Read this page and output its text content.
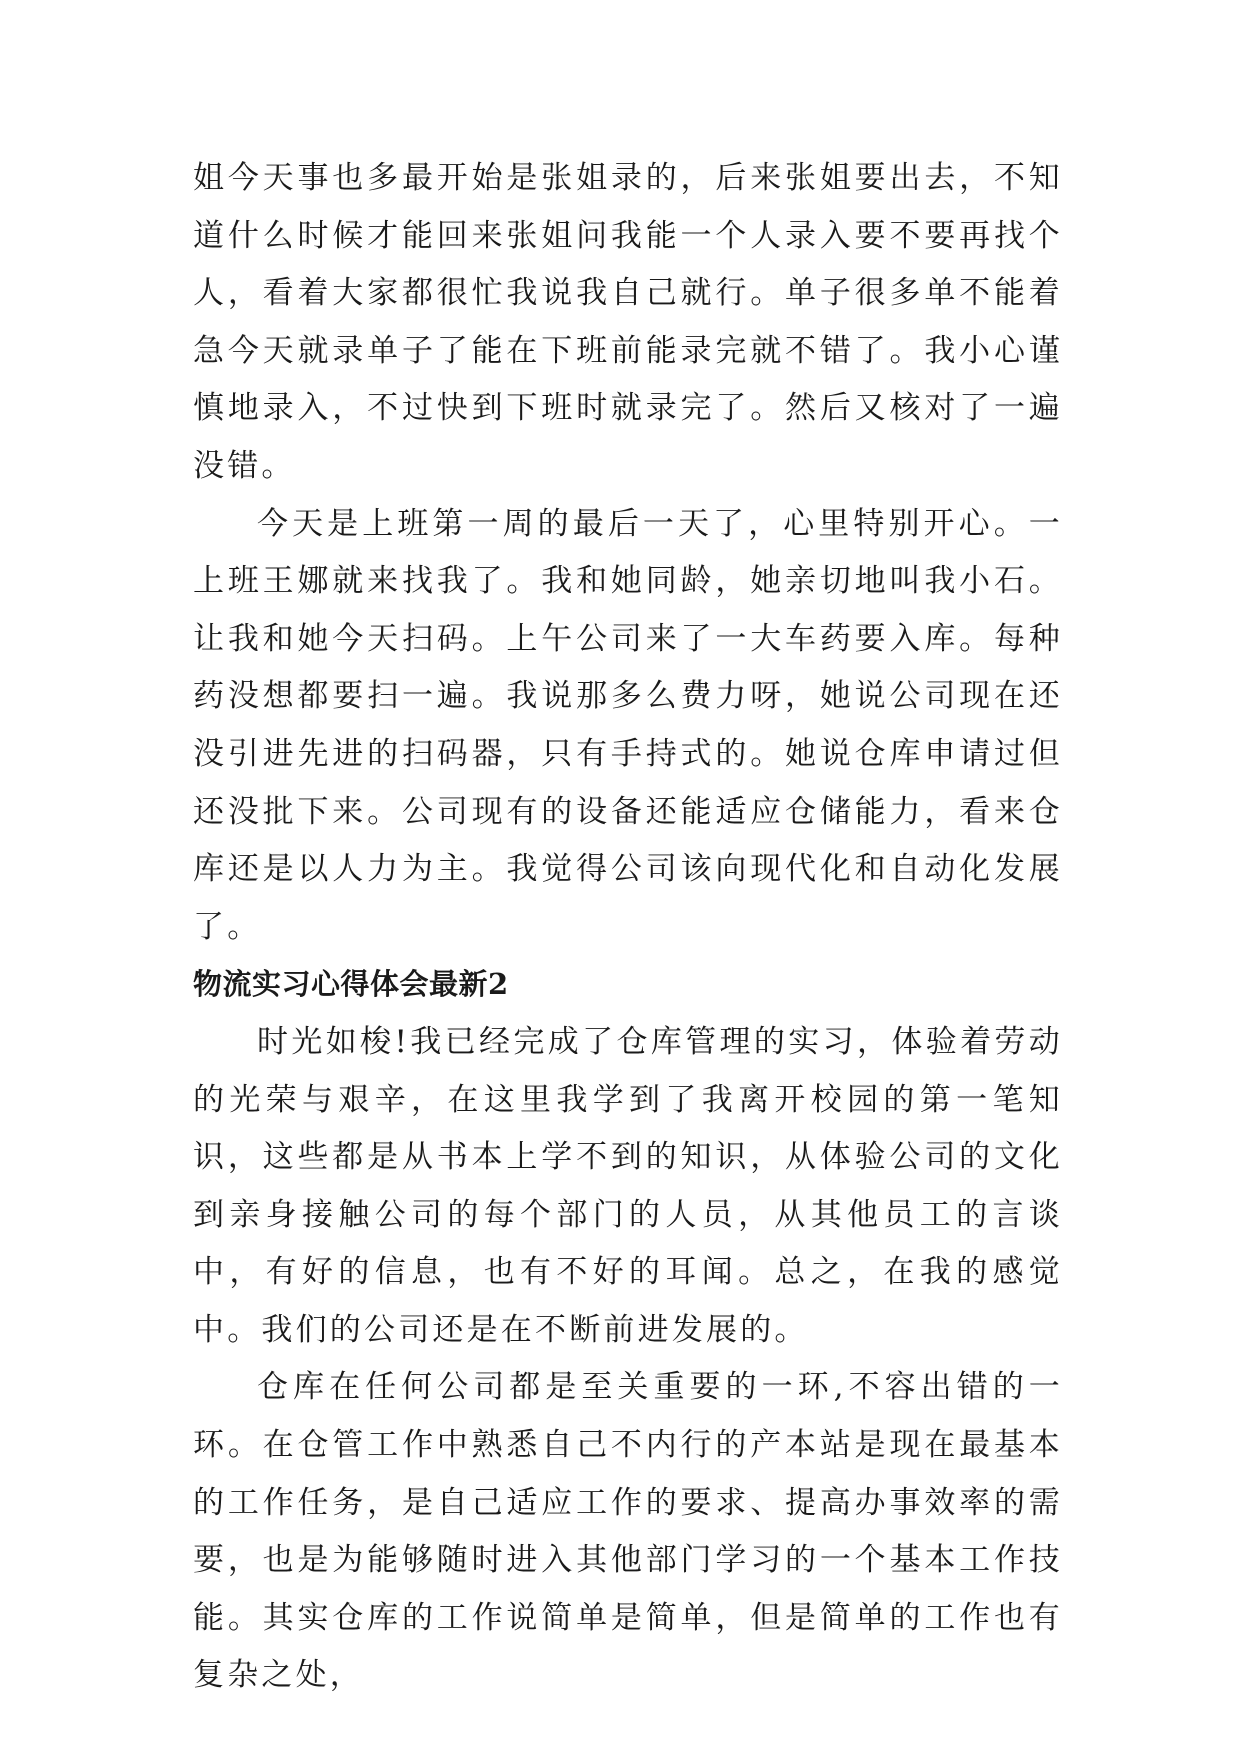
姐今天事也多最开始是张姐录的，后来张姐要出去，不知道什么时候才能回来张姐问我能一个人录入要不要再找个人，看着大家都很忙我说我自己就行。单子很多单不能着急今天就录单子了能在下班前能录完就不错了。我小心谨慎地录入，不过快到下班时就录完了。然后又核对了一遍没错。

今天是上班第一周的最后一天了，心里特别开心。一上班王娜就来找我了。我和她同龄，她亲切地叫我小石。让我和她今天扫码。上午公司来了一大车药要入库。每种药没想都要扫一遍。我说那多么费力呀，她说公司现在还没引进先进的扫码器，只有手持式的。她说仓库申请过但还没批下来。公司现有的设备还能适应仓储能力，看来仓库还是以人力为主。我觉得公司该向现代化和自动化发展了。

物流实习心得体会最新2

时光如梭!我已经完成了仓库管理的实习，体验着劳动的光荣与艰辛，在这里我学到了我离开校园的第一笔知识，这些都是从书本上学不到的知识，从体验公司的文化到亲身接触公司的每个部门的人员，从其他员工的言谈中，有好的信息，也有不好的耳闻。总之，在我的感觉中。我们的公司还是在不断前进发展的。

仓库在任何公司都是至关重要的一环,不容出错的一环。在仓管工作中熟悉自己不内行的产本站是现在最基本的工作任务，是自己适应工作的要求、提高办事效率的需要，也是为能够随时进入其他部门学习的一个基本工作技能。其实仓库的工作说简单是简单，但是简单的工作也有复杂之处，
